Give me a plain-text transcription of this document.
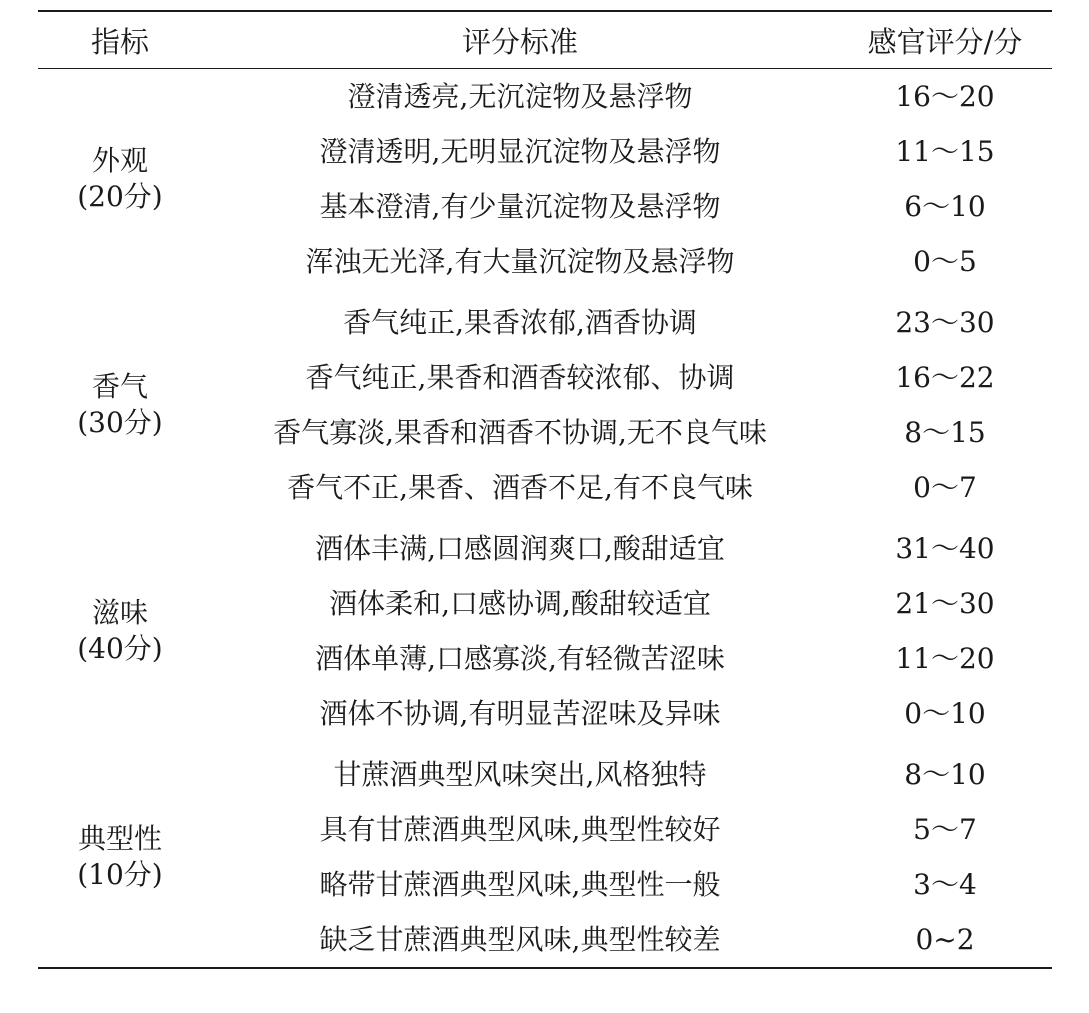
指标	评分标准	感官评分/分

外观
(20分)	澄清透亮,无沉淀物及悬浮物	16～20
	澄清透明,无明显沉淀物及悬浮物	11～15
	基本澄清,有少量沉淀物及悬浮物	6～10
	浑浊无光泽,有大量沉淀物及悬浮物	0～5

香气
(30分)	香气纯正,果香浓郁,酒香协调	23～30
	香气纯正,果香和酒香较浓郁、协调	16～22
	香气寡淡,果香和酒香不协调,无不良气味	8～15
	香气不正,果香、酒香不足,有不良气味	0～7

滋味
(40分)	酒体丰满,口感圆润爽口,酸甜适宜	31～40
	酒体柔和,口感协调,酸甜较适宜	21～30
	酒体单薄,口感寡淡,有轻微苦涩味	11～20
	酒体不协调,有明显苦涩味及异味	0～10

典型性
(10分)	甘蔗酒典型风味突出,风格独特	8～10
	具有甘蔗酒典型风味,典型性较好	5～7
	略带甘蔗酒典型风味,典型性一般	3～4
	缺乏甘蔗酒典型风味,典型性较差	0~2
